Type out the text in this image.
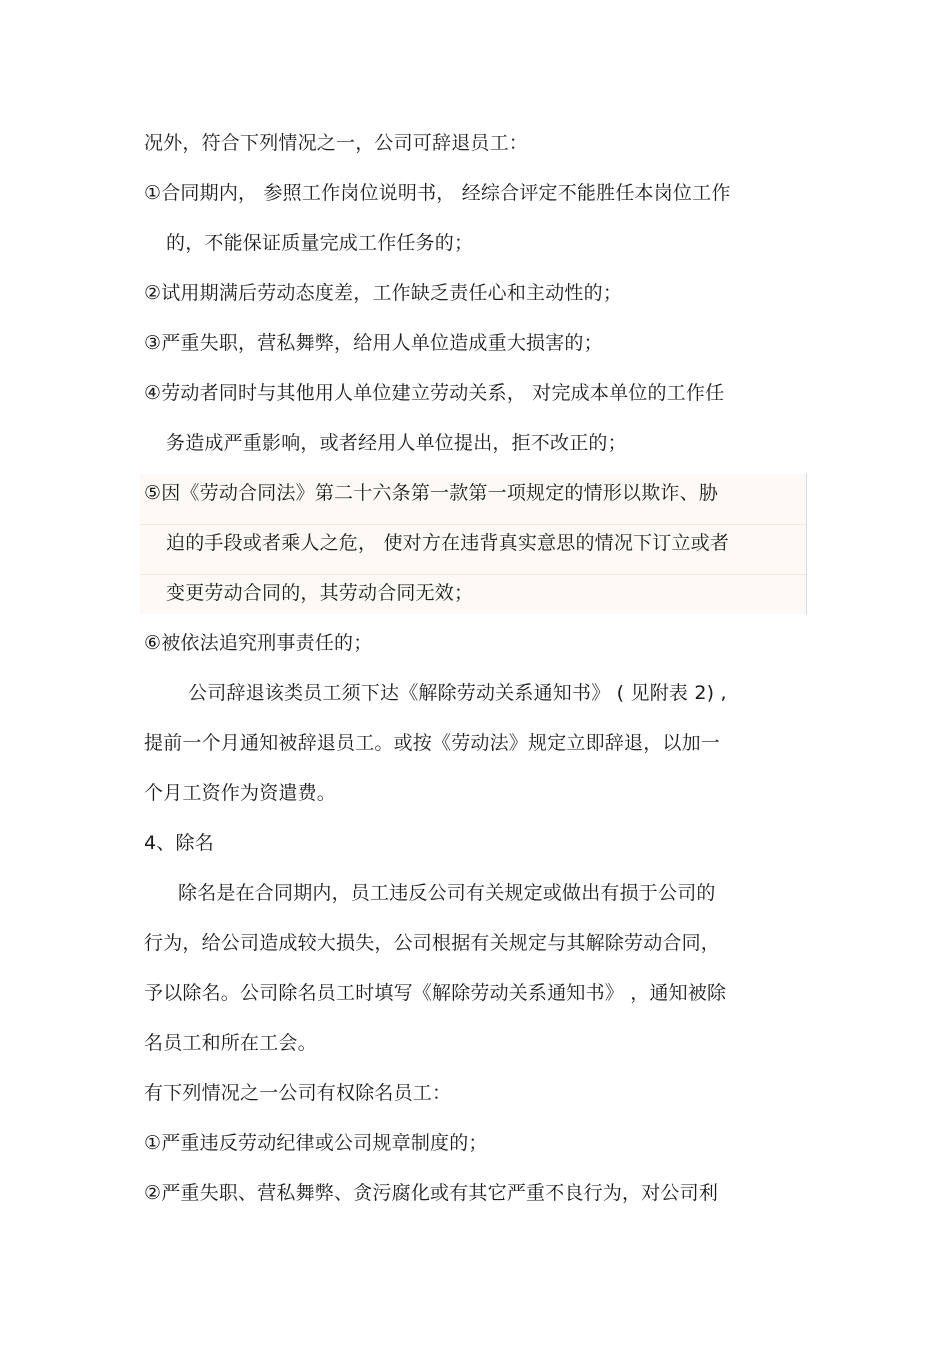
况外，符合下列情况之一，公司可辞退员工：
①合同期内， 参照工作岗位说明书， 经综合评定不能胜任本岗位工作
的，不能保证质量完成工作任务的；
②试用期满后劳动态度差，工作缺乏责任心和主动性的；
③严重失职，营私舞弊，给用人单位造成重大损害的；
④劳动者同时与其他用人单位建立劳动关系， 对完成本单位的工作任
务造成严重影响，或者经用人单位提出，拒不改正的；
⑤因《劳动合同法》第二十六条第一款第一项规定的情形以欺诈、胁
迫的手段或者乘人之危， 使对方在违背真实意思的情况下订立或者
变更劳动合同的，其劳动合同无效；
⑥被依法追究刑事责任的；
公司辞退该类员工须下达《解除劳动关系通知书》 ( 见附表 2) ,
提前一个月通知被辞退员工。或按《劳动法》规定立即辞退，以加一
个月工资作为资遣费。
4、除名
除名是在合同期内，员工违反公司有关规定或做出有损于公司的
行为，给公司造成较大损失，公司根据有关规定与其解除劳动合同，
予以除名。公司除名员工时填写《解除劳动关系通知书》 ，通知被除
名员工和所在工会。
有下列情况之一公司有权除名员工：
①严重违反劳动纪律或公司规章制度的；
②严重失职、营私舞弊、贪污腐化或有其它严重不良行为，对公司利
